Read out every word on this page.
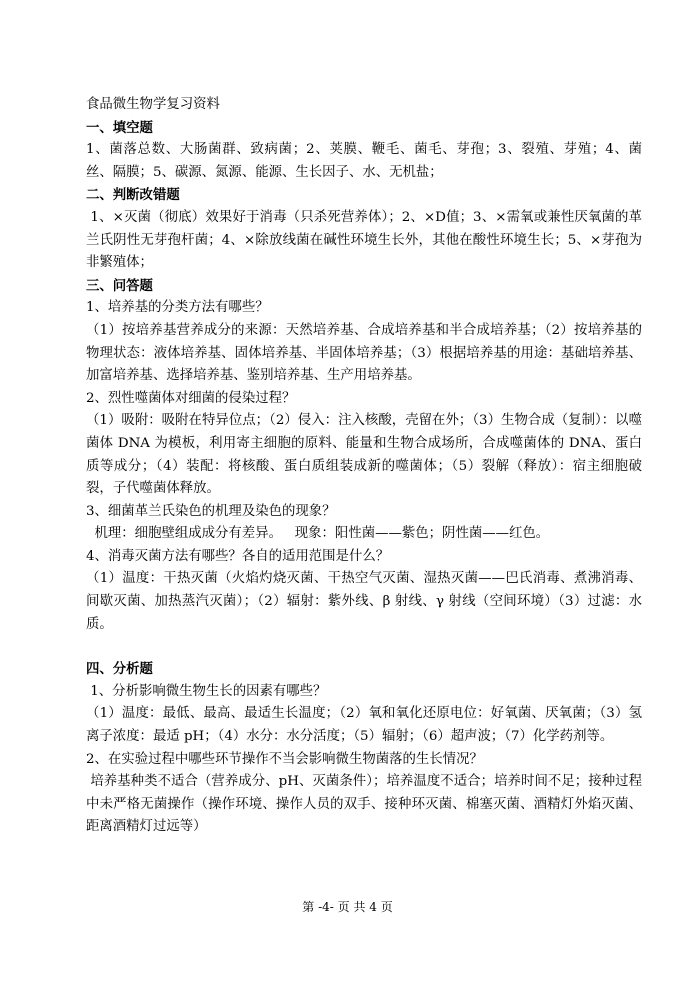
食品微生物学复习资料

一、填空题

1、菌落总数、大肠菌群、致病菌；2、荚膜、鞭毛、菌毛、芽孢；3、裂殖、芽殖；4、菌丝、隔膜；5、碳源、氮源、能源、生长因子、水、无机盐；

二、判断改错题

1、×灭菌（彻底）效果好于消毒（只杀死营养体）；2、×D值；3、×需氧或兼性厌氧菌的革兰氏阴性无芽孢杆菌；4、×除放线菌在碱性环境生长外，其他在酸性环境生长；5、×芽孢为非繁殖体；

三、问答题

1、培养基的分类方法有哪些？

（1）按培养基营养成分的来源：天然培养基、合成培养基和半合成培养基；（2）按培养基的物理状态：液体培养基、固体培养基、半固体培养基；（3）根据培养基的用途：基础培养基、加富培养基、选择培养基、鉴别培养基、生产用培养基。

2、烈性噬菌体对细菌的侵染过程？

（1）吸附：吸附在特异位点；（2）侵入：注入核酸，壳留在外；（3）生物合成（复制）：以噬菌体 DNA 为模板，利用寄主细胞的原料、能量和生物合成场所，合成噬菌体的 DNA、蛋白质等成分；（4）装配：将核酸、蛋白质组装成新的噬菌体；（5）裂解（释放）：宿主细胞破裂，子代噬菌体释放。

3、细菌革兰氏染色的机理及染色的现象？

机理：细胞壁组成成分有差异。   现象：阳性菌——紫色；阴性菌——红色。

4、消毒灭菌方法有哪些？各自的适用范围是什么？

（1）温度：干热灭菌（火焰灼烧灭菌、干热空气灭菌、湿热灭菌——巴氏消毒、煮沸消毒、间歇灭菌、加热蒸汽灭菌）；（2）辐射：紫外线、β 射线、γ 射线（空间环境）（3）过滤：水质。

四、分析题

1、分析影响微生物生长的因素有哪些？

（1）温度：最低、最高、最适生长温度；（2）氧和氧化还原电位：好氧菌、厌氧菌；（3）氢离子浓度：最适 pH；（4）水分：水分活度；（5）辐射；（6）超声波；（7）化学药剂等。

2、在实验过程中哪些环节操作不当会影响微生物菌落的生长情况？

培养基种类不适合（营养成分、pH、灭菌条件）；培养温度不适合；培养时间不足；接种过程中未严格无菌操作（操作环境、操作人员的双手、接种环灭菌、棉塞灭菌、酒精灯外焰灭菌、距离酒精灯过远等）

第 -4- 页 共 4 页
